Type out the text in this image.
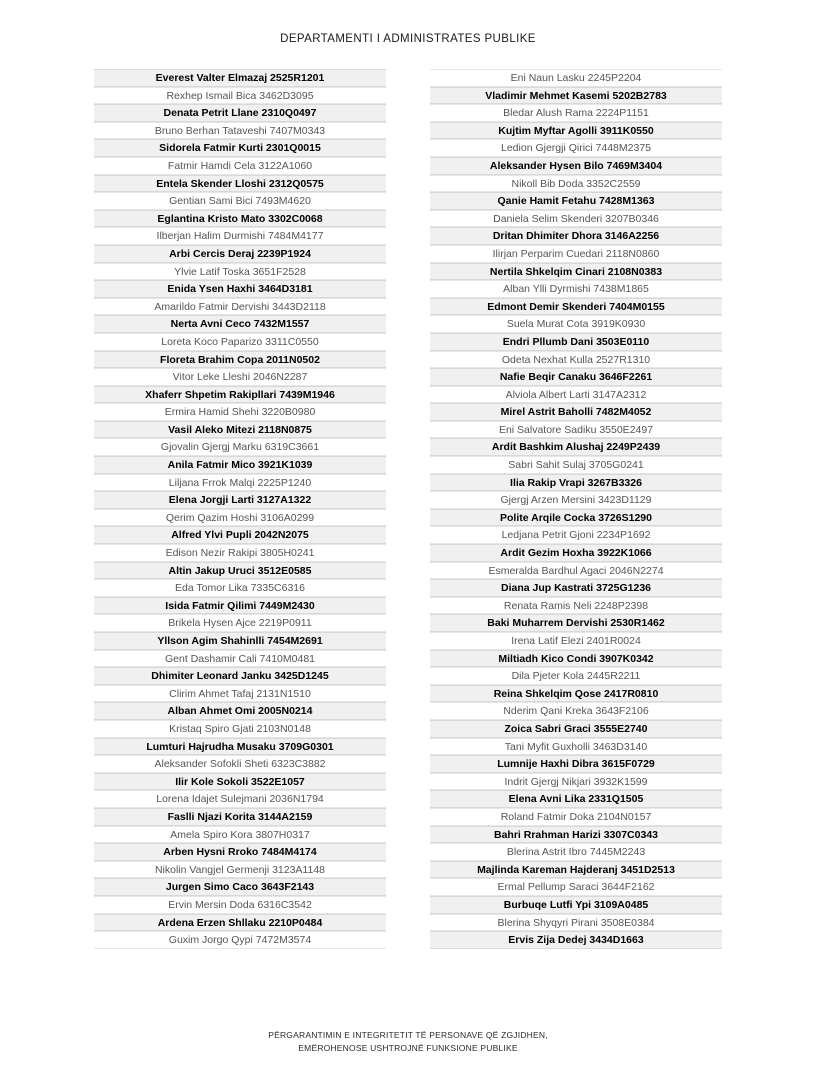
DEPARTAMENTI I ADMINISTRATES PUBLIKE
Everest Valter Elmazaj 2525R1201
Rexhep Ismail Bica 3462D3095
Denata Petrit Llane 2310Q0497
Bruno Berhan Tataveshi 7407M0343
Sidorela Fatmir Kurti 2301Q0015
Fatmir Hamdi Cela 3122A1060
Entela Skender Lloshi 2312Q0575
Gentian Sami Bici 7493M4620
Eglantina Kristo Mato 3302C0068
Ilberjan Halim Durmishi 7484M4177
Arbi Cercis Deraj 2239P1924
Ylvie Latif Toska 3651F2528
Enida Ysen Haxhi 3464D3181
Amarildo Fatmir Dervishi 3443D2118
Nerta Avni Ceco 7432M1557
Loreta Koco Paparizo 3311C0550
Floreta Brahim Copa 2011N0502
Vitor Leke Lleshi 2046N2287
Xhaferr Shpetim Rakipllari 7439M1946
Ermira Hamid Shehi 3220B0980
Vasil Aleko Mitezi 2118N0875
Gjovalin Gjergj Marku 6319C3661
Anila Fatmir Mico 3921K1039
Liljana Frrok Malqi 2225P1240
Elena Jorgji Larti 3127A1322
Qerim Qazim Hoshi 3106A0299
Alfred Ylvi Pupli 2042N2075
Edison Nezir Rakipi 3805H0241
Altin Jakup Uruci 3512E0585
Eda Tomor Lika 7335C6316
Isida Fatmir Qilimi 7449M2430
Brikela Hysen Ajce 2219P0911
Yllson Agim Shahinlli 7454M2691
Gent Dashamir Cali 7410M0481
Dhimiter Leonard Janku 3425D1245
Clirim Ahmet Tafaj 2131N1510
Alban Ahmet Omi 2005N0214
Kristaq Spiro Gjati 2103N0148
Lumturi Hajrudha Musaku 3709G0301
Aleksander Sofokli Sheti 6323C3882
Ilir Kole Sokoli 3522E1057
Lorena Idajet Sulejmani 2036N1794
Faslli Njazi Korita 3144A2159
Amela Spiro Kora 3807H0317
Arben Hysni Rroko 7484M4174
Nikolin Vangjel Germenji 3123A1148
Jurgen Simo Caco 3643F2143
Ervin Mersin Doda 6316C3542
Ardena Erzen Shllaku 2210P0484
Guxim Jorgo Qypi 7472M3574
Eni Naun Lasku 2245P2204
Vladimir Mehmet Kasemi 5202B2783
Bledar Alush Rama 2224P1151
Kujtim Myftar Agolli 3911K0550
Ledion Gjergji Qirici 7448M2375
Aleksander Hysen Bilo 7469M3404
Nikoll Bib Doda 3352C2559
Qanie Hamit Fetahu 7428M1363
Daniela Selim Skenderi 3207B0346
Dritan Dhimiter Dhora 3146A2256
Ilirjan Perparim Cuedari 2118N0860
Nertila Shkelqim Cinari 2108N0383
Alban Ylli Dyrmishi 7438M1865
Edmont Demir Skenderi 7404M0155
Suela Murat Cota 3919K0930
Endri Pllumb Dani 3503E0110
Odeta Nexhat Kulla 2527R1310
Nafie Beqir Canaku 3646F2261
Alviola Albert Larti 3147A2312
Mirel Astrit Baholli 7482M4052
Eni Salvatore Sadiku 3550E2497
Ardit Bashkim Alushaj 2249P2439
Sabri Sahit Sulaj 3705G0241
Ilia Rakip Vrapi 3267B3326
Gjergj Arzen Mersini 3423D1129
Polite Arqile Cocka 3726S1290
Ledjana Petrit Gjoni 2234P1692
Ardit Gezim Hoxha 3922K1066
Esmeralda Bardhul Agaci 2046N2274
Diana Jup Kastrati 3725G1236
Renata Ramis Neli 2248P2398
Baki Muharrem Dervishi 2530R1462
Irena Latif Elezi 2401R0024
Miltiadh Kico Condi 3907K0342
Dila Pjeter Kola 2445R2211
Reina Shkelqim Qose 2417R0810
Nderim Qani Kreka 3643F2106
Zoica Sabri Graci 3555E2740
Tani Myfit Guxholli 3463D3140
Lumnije Haxhi Dibra 3615F0729
Indrit Gjergj Nikjari 3932K1599
Elena Avni Lika 2331Q1505
Roland Fatmir Doka 2104N0157
Bahri Rrahman Harizi 3307C0343
Blerina Astrit Ibro 7445M2243
Majlinda Kareman Hajderanj 3451D2513
Ermal Pellump Saraci 3644F2162
Burbuqe Lutfi Ypi 3109A0485
Blerina Shyqyri Pirani 3508E0384
Ervis Zija Dedej 3434D1663
PËRGARANTIMIN E INTEGRITETIT TË PERSONAVE QË ZGJIDHEN,
EMËROHENOSE USHTROJNË FUNKSIONE PUBLIKE
